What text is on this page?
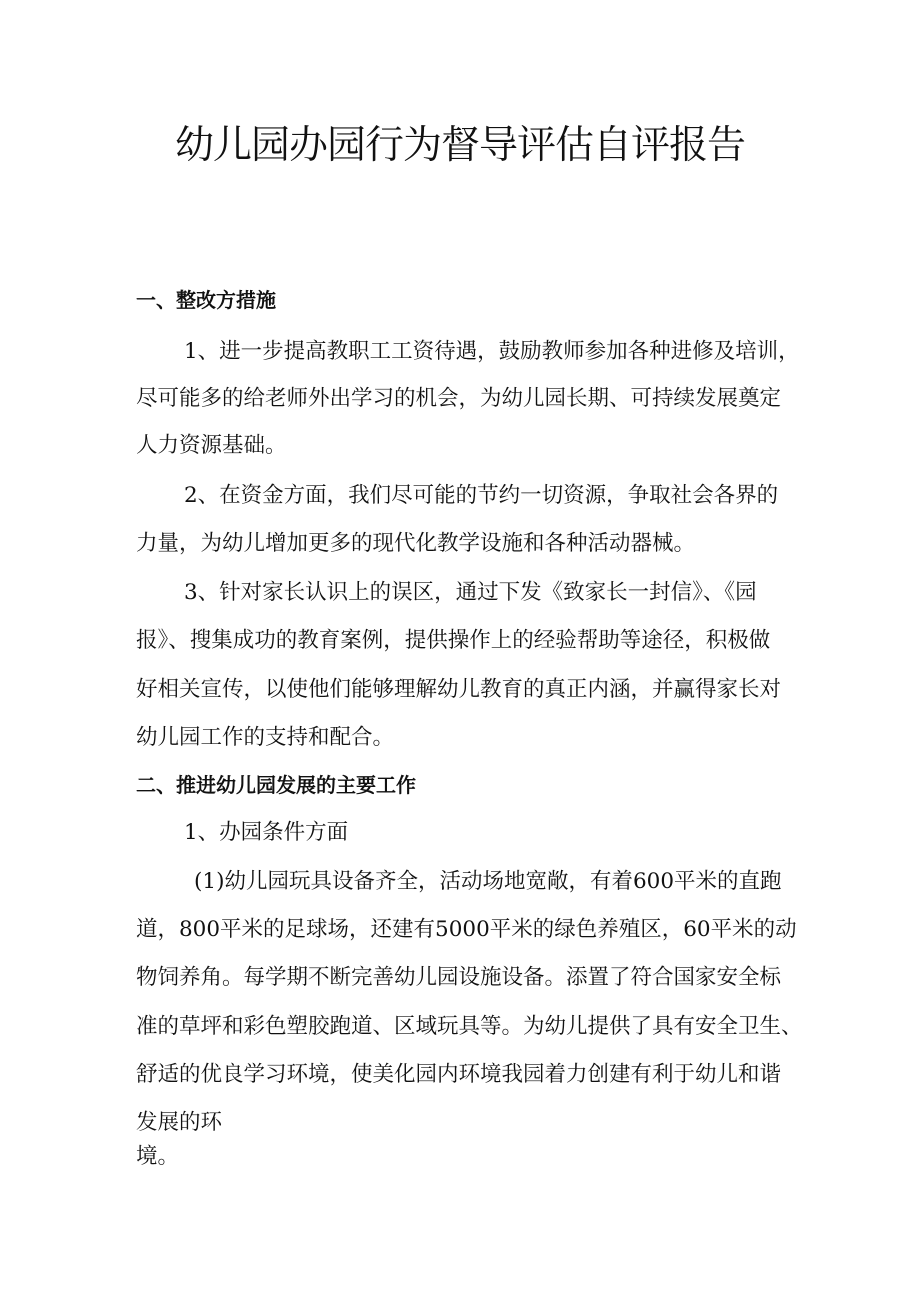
幼儿园办园行为督导评估自评报告
一、整改方措施
1、进一步提高教职工工资待遇，鼓励教师参加各种进修及培训，
尽可能多的给老师外出学习的机会，为幼儿园长期、可持续发展奠定
人力资源基础。
2、在资金方面，我们尽可能的节约一切资源，争取社会各界的
力量，为幼儿增加更多的现代化教学设施和各种活动器械。
3、针对家长认识上的误区，通过下发《致家长一封信》、《园
报》、搜集成功的教育案例，提供操作上的经验帮助等途径，积极做
好相关宣传，以使他们能够理解幼儿教育的真正内涵，并赢得家长对
幼儿园工作的支持和配合。
二、推进幼儿园发展的主要工作
1、办园条件方面
(1)幼儿园玩具设备齐全，活动场地宽敞，有着600平米的直跑
道，800平米的足球场，还建有5000平米的绿色养殖区，60平米的动
物饲养角。每学期不断完善幼儿园设施设备。添置了符合国家安全标
准的草坪和彩色塑胶跑道、区域玩具等。为幼儿提供了具有安全卫生、
舒适的优良学习环境，使美化园内环境我园着力创建有利于幼儿和谐
发展的环
境。
